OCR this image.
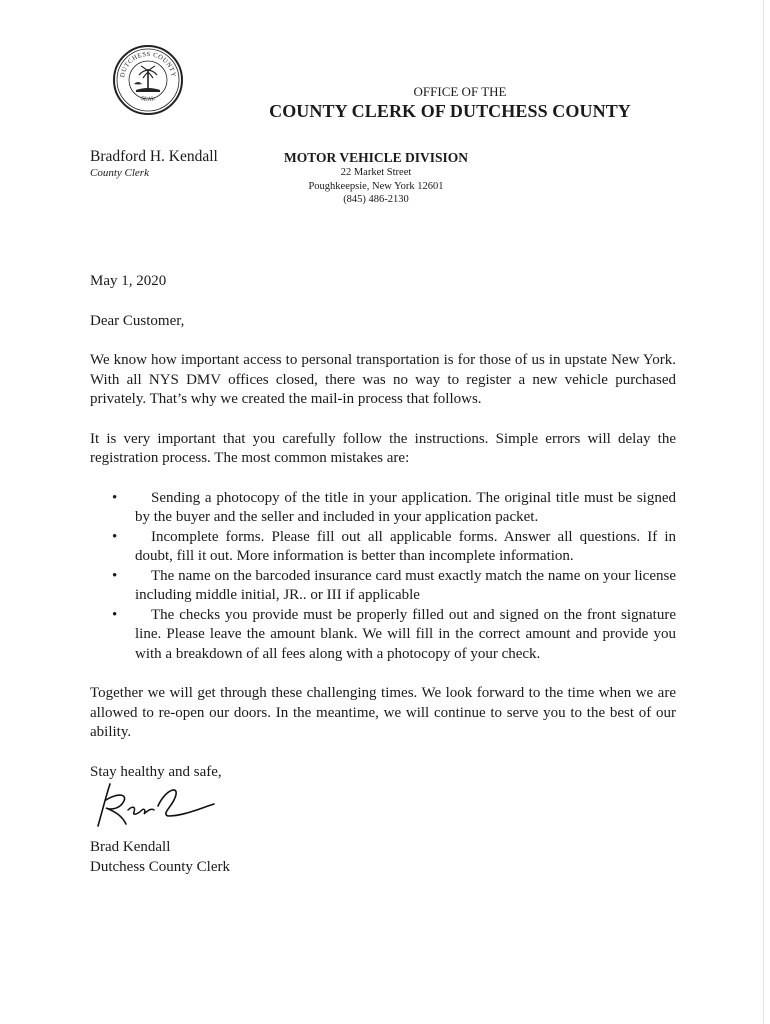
DUTCHESS COUNTY
SEAL
OFFICE OF THE
COUNTY CLERK OF DUTCHESS COUNTY
Bradford H. Kendall
County Clerk
MOTOR VEHICLE DIVISION
22 Market Street
Poughkeepsie, New York 12601
(845) 486-2130

May 1, 2020

Dear Customer,

We know how important access to personal transportation is for those of us in upstate New York. With all NYS DMV offices closed, there was no way to register a new vehicle purchased privately. That’s why we created the mail-in process that follows.

It is very important that you carefully follow the instructions. Simple errors will delay the registration process. The most common mistakes are:

•	Sending a photocopy of the title in your application. The original title must be signed by the buyer and the seller and included in your application packet.
•	Incomplete forms. Please fill out all applicable forms. Answer all questions. If in doubt, fill it out. More information is better than incomplete information.
•	The name on the barcoded insurance card must exactly match the name on your license including middle initial, JR.. or III if applicable
•	The checks you provide must be properly filled out and signed on the front signature line. Please leave the amount blank. We will fill in the correct amount and provide you with a breakdown of all fees along with a photocopy of your check.

Together we will get through these challenging times. We look forward to the time when we are allowed to re-open our doors. In the meantime, we will continue to serve you to the best of our ability.

Stay healthy and safe,

Brad Kendall

Dutchess County Clerk
